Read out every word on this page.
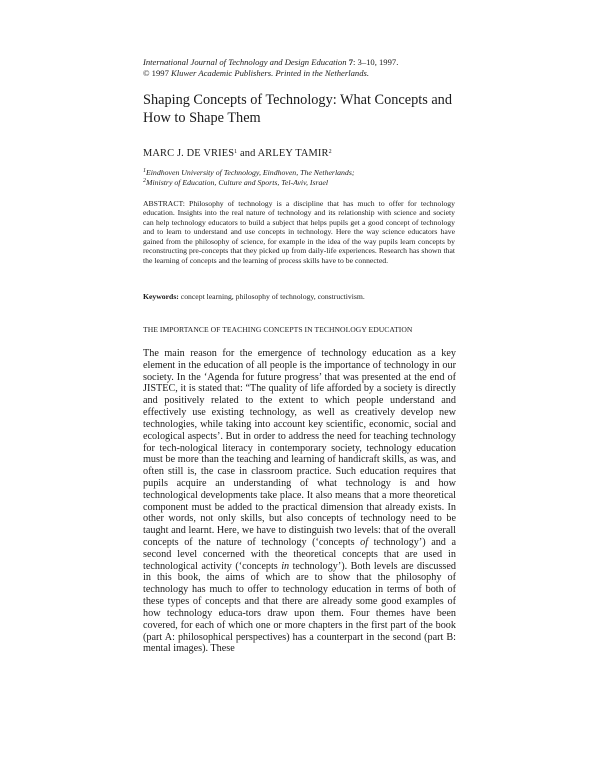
International Journal of Technology and Design Education 7: 3–10, 1997.
© 1997 Kluwer Academic Publishers. Printed in the Netherlands.
Shaping Concepts of Technology: What Concepts and How to Shape Them
MARC J. DE VRIES$^1$ and ARLEY TAMIR$^2$
$^1$Eindhoven University of Technology, Eindhoven, The Netherlands;
$^2$Ministry of Education, Culture and Sports, Tel-Aviv, Israel

ABSTRACT: Philosophy of technology is a discipline that has much to offer for technology education. Insights into the real nature of technology and its relationship with science and society can help technology educators to build a subject that helps pupils get a good concept of technology and to learn to understand and use concepts in technology. Here the way science educators have gained from the philosophy of science, for example in the idea of the way pupils learn concepts by reconstructing pre-concepts that they picked up from daily-life experiences. Research has shown that the learning of concepts and the learning of process skills have to be connected.

Keywords: concept learning, philosophy of technology, constructivism.

THE IMPORTANCE OF TEACHING CONCEPTS IN TECHNOLOGY EDUCATION

The main reason for the emergence of technology education as a key element in the education of all people is the importance of technology in our society. In the ‘Agenda for future progress’ that was presented at the end of JISTEC, it is stated that: “The quality of life afforded by a society is directly and positively related to the extent to which people understand and effectively use existing technology, as well as creatively develop new technologies, while taking into account key scientific, economic, social and ecological aspects’. But in order to address the need for teaching technology for tech-nological literacy in contemporary society, technology education must be more than the teaching and learning of handicraft skills, as was, and often still is, the case in classroom practice. Such education requires that pupils acquire an understanding of what technology is and how technological developments take place. It also means that a more theoretical component must be added to the practical dimension that already exists. In other words, not only skills, but also concepts of technology need to be taught and learnt. Here, we have to distinguish two levels: that of the overall concepts of the nature of technology (‘concepts of technology’) and a second level concerned with the theoretical concepts that are used in technological activity (‘concepts in technology’). Both levels are discussed in this book, the aims of which are to show that the philosophy of technology has much to offer to technology education in terms of both of these types of concepts and that there are already some good examples of how technology educa-tors draw upon them. Four themes have been covered, for each of which one or more chapters in the first part of the book (part A: philosophical perspectives) has a counterpart in the second (part B: mental images). These
